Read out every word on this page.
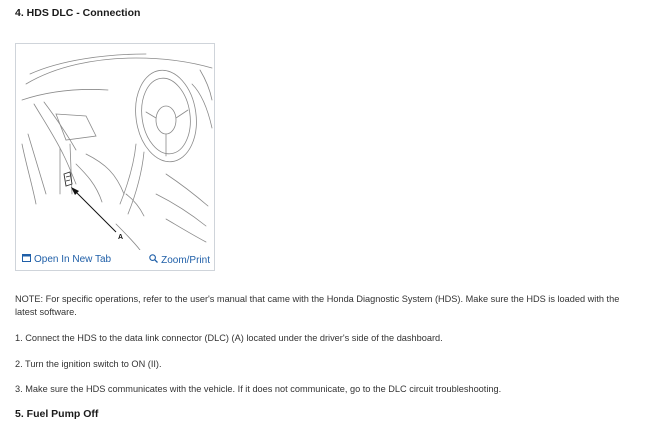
4. HDS DLC - Connection
A
Open In New Tab	Zoom/Print
NOTE: For specific operations, refer to the user's manual that came with the Honda Diagnostic System (HDS). Make sure the HDS is loaded with the latest software.
1. Connect the HDS to the data link connector (DLC) (A) located under the driver's side of the dashboard.
2. Turn the ignition switch to ON (II).
3. Make sure the HDS communicates with the vehicle. If it does not communicate, go to the DLC circuit troubleshooting.
5. Fuel Pump Off
